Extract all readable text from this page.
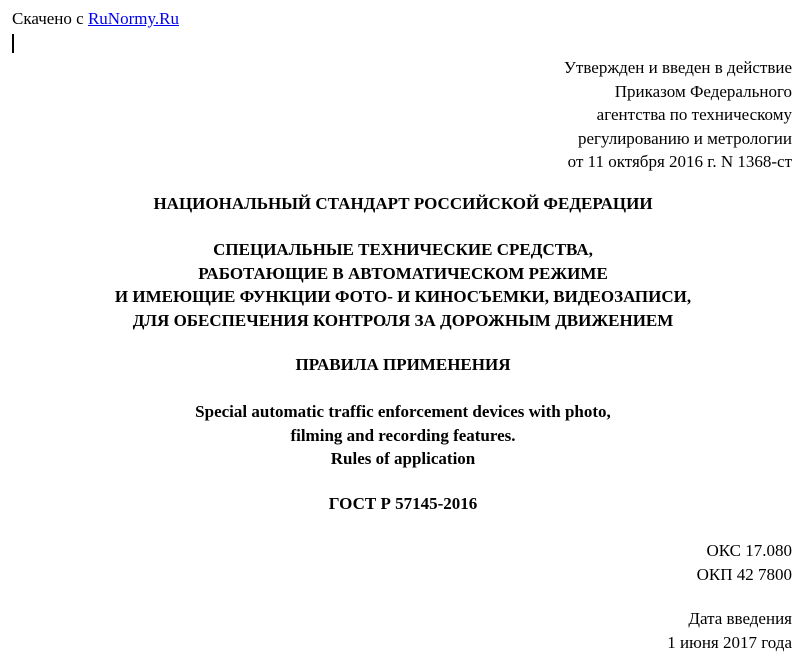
Скачено с RuNormy.Ru
Утвержден и введен в действие
Приказом Федерального
агентства по техническому
регулированию и метрологии
от 11 октября 2016 г. N 1368-ст
НАЦИОНАЛЬНЫЙ СТАНДАРТ РОССИЙСКОЙ ФЕДЕРАЦИИ
СПЕЦИАЛЬНЫЕ ТЕХНИЧЕСКИЕ СРЕДСТВА,
РАБОТАЮЩИЕ В АВТОМАТИЧЕСКОМ РЕЖИМЕ
И ИМЕЮЩИЕ ФУНКЦИИ ФОТО- И КИНОСЪЕМКИ, ВИДЕОЗАПИСИ,
ДЛЯ ОБЕСПЕЧЕНИЯ КОНТРОЛЯ ЗА ДОРОЖНЫМ ДВИЖЕНИЕМ
ПРАВИЛА ПРИМЕНЕНИЯ
Special automatic traffic enforcement devices with photo,
filming and recording features.
Rules of application
ГОСТ Р 57145-2016
ОКС 17.080
ОКП 42 7800
Дата введения
1 июня 2017 года
